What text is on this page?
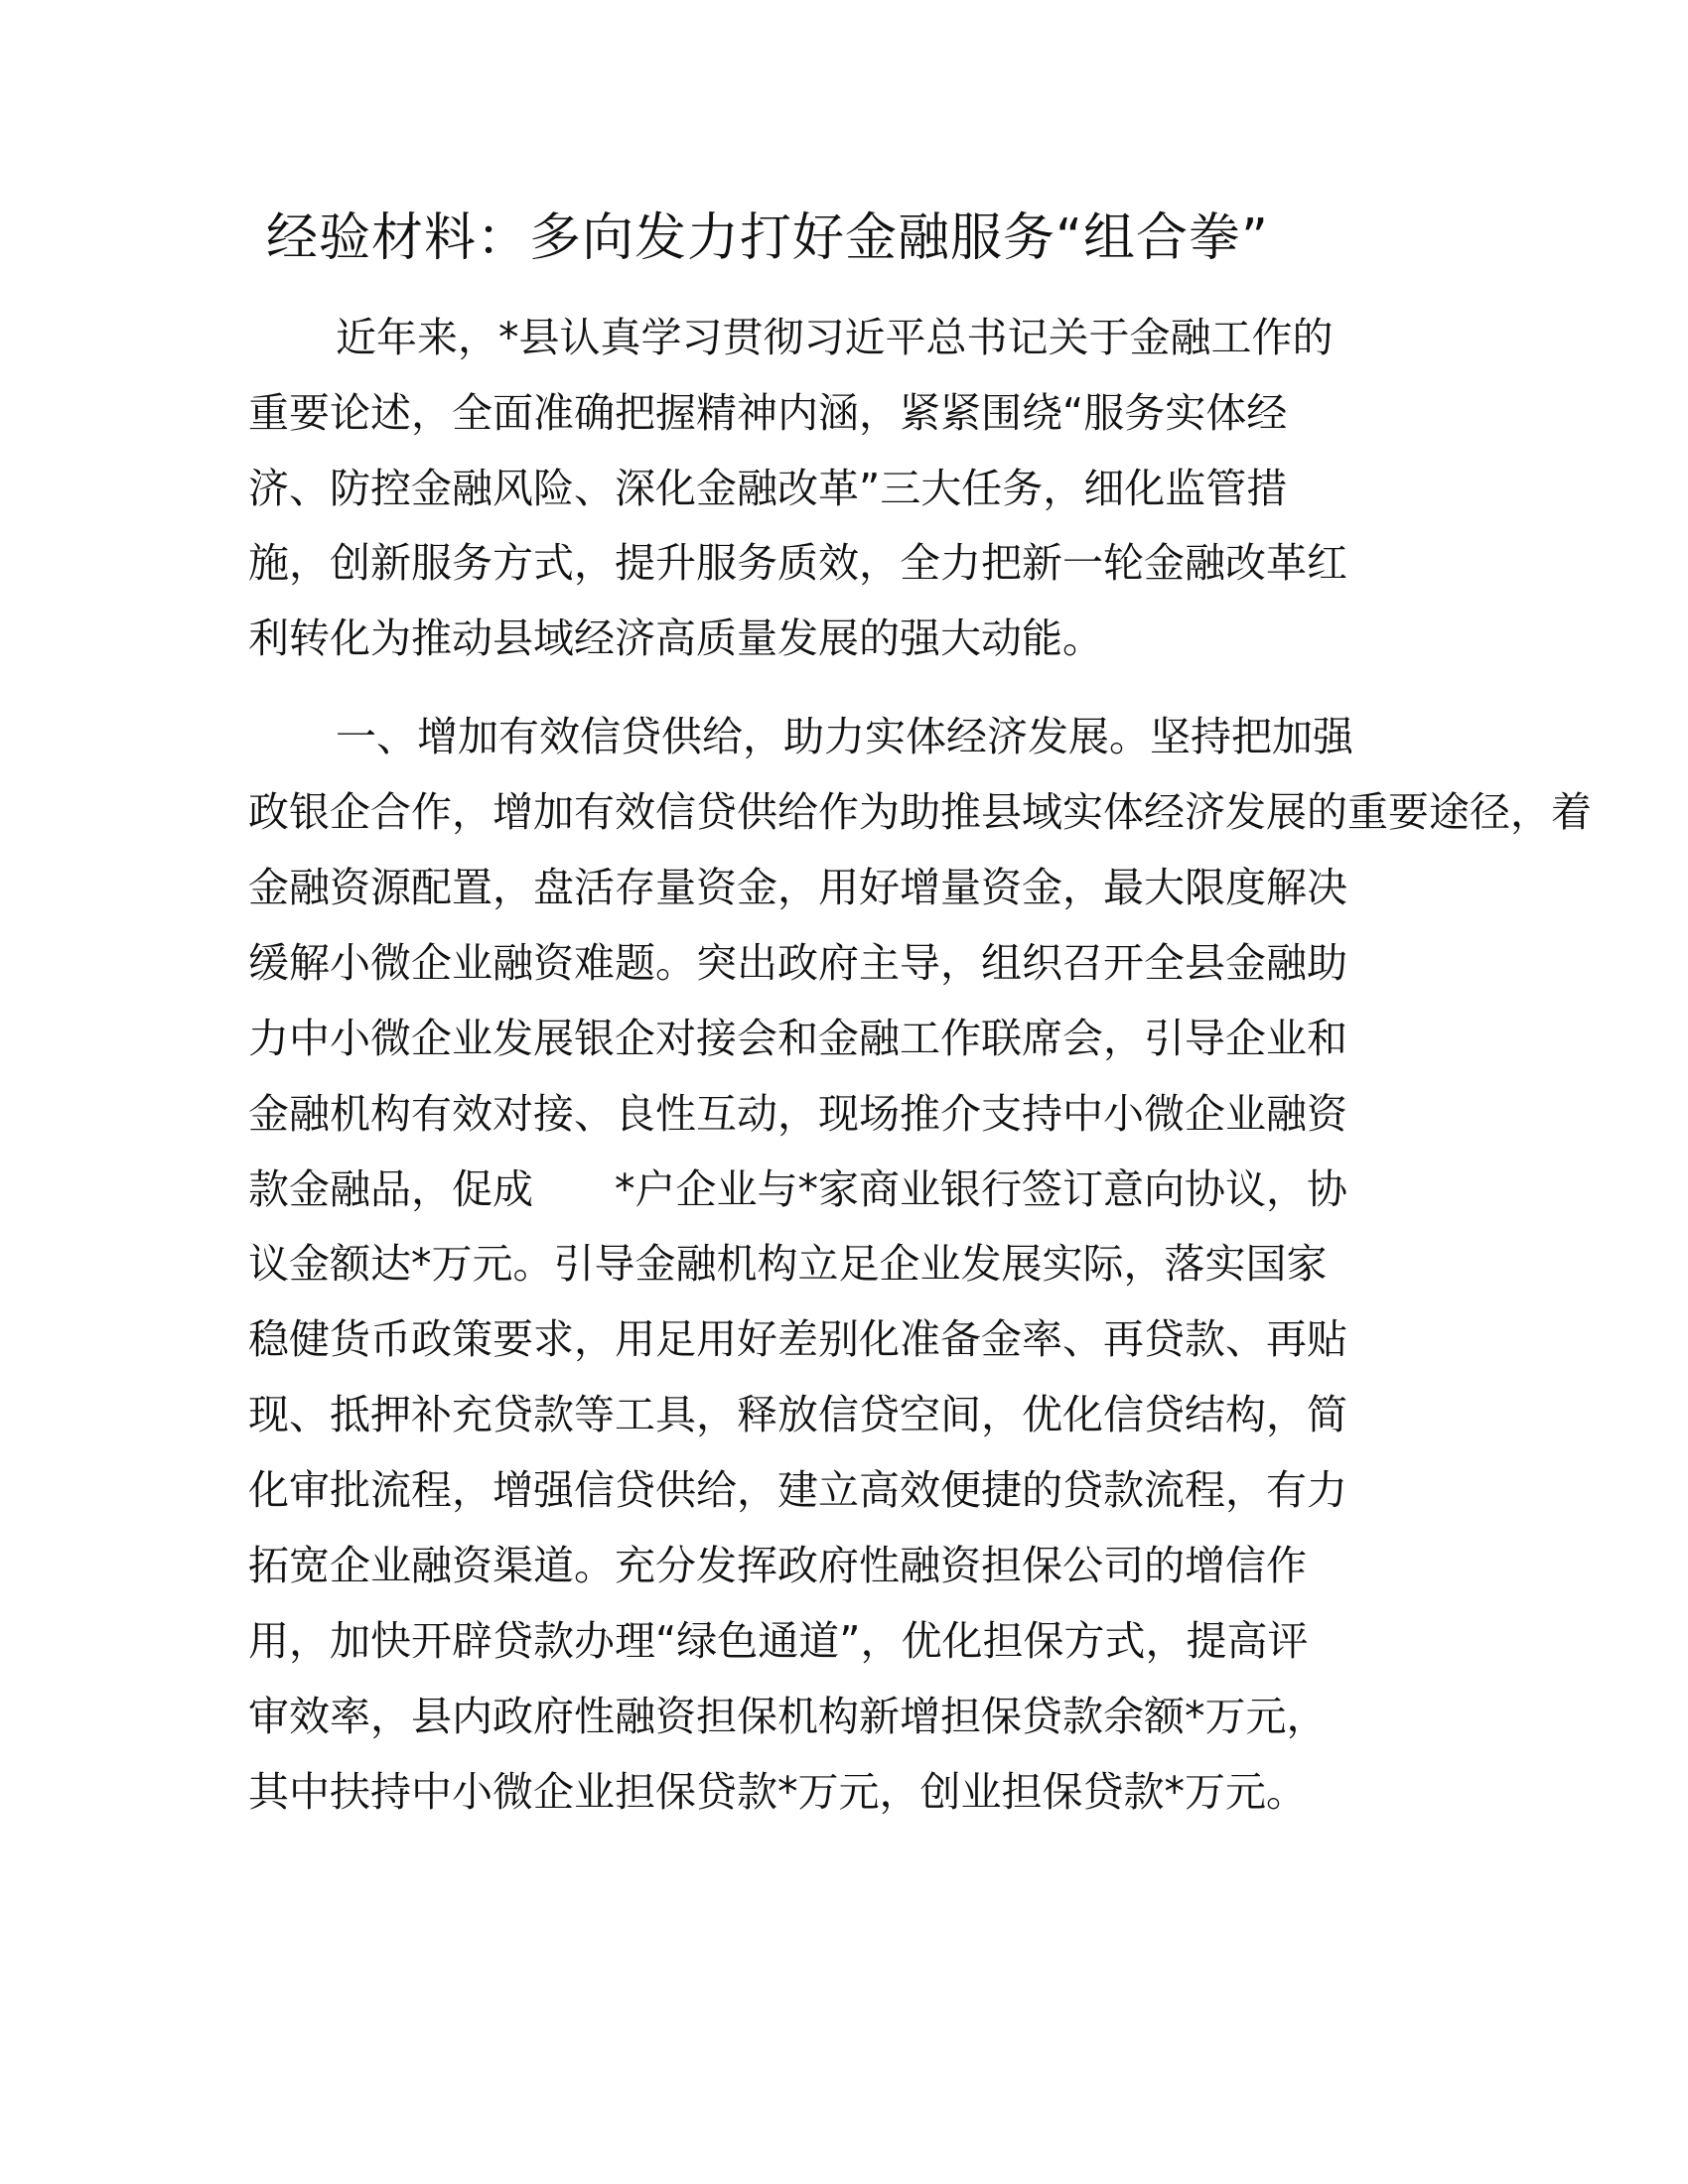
经验材料：多向发力打好金融服务“组合拳”
近年来，*县认真学习贯彻习近平总书记关于金融工作的
重要论述，全面准确把握精神内涵，紧紧围绕“服务实体经
济、防控金融风险、深化金融改革”三大任务，细化监管措
施，创新服务方式，提升服务质效，全力把新一轮金融改革红
利转化为推动县域经济高质量发展的强大动能。
一、增加有效信贷供给，助力实体经济发展。坚持把加强
政银企合作，增加有效信贷供给作为助推县域实体经济发展的重要途径，着
金融资源配置，盘活存量资金，用好增量资金，最大限度解决
缓解小微企业融资难题。突出政府主导，组织召开全县金融助
力中小微企业发展银企对接会和金融工作联席会，引导企业和
金融机构有效对接、良性互动，现场推介支持中小微企业融资
款金融品，促成　　*户企业与*家商业银行签订意向协议，协
议金额达*万元。引导金融机构立足企业发展实际，落实国家
稳健货币政策要求，用足用好差别化准备金率、再贷款、再贴
现、抵押补充贷款等工具，释放信贷空间，优化信贷结构，简
化审批流程，增强信贷供给，建立高效便捷的贷款流程，有力
拓宽企业融资渠道。充分发挥政府性融资担保公司的增信作
用，加快开辟贷款办理“绿色通道”，优化担保方式，提高评
审效率，县内政府性融资担保机构新增担保贷款余额*万元，
其中扶持中小微企业担保贷款*万元，创业担保贷款*万元。
